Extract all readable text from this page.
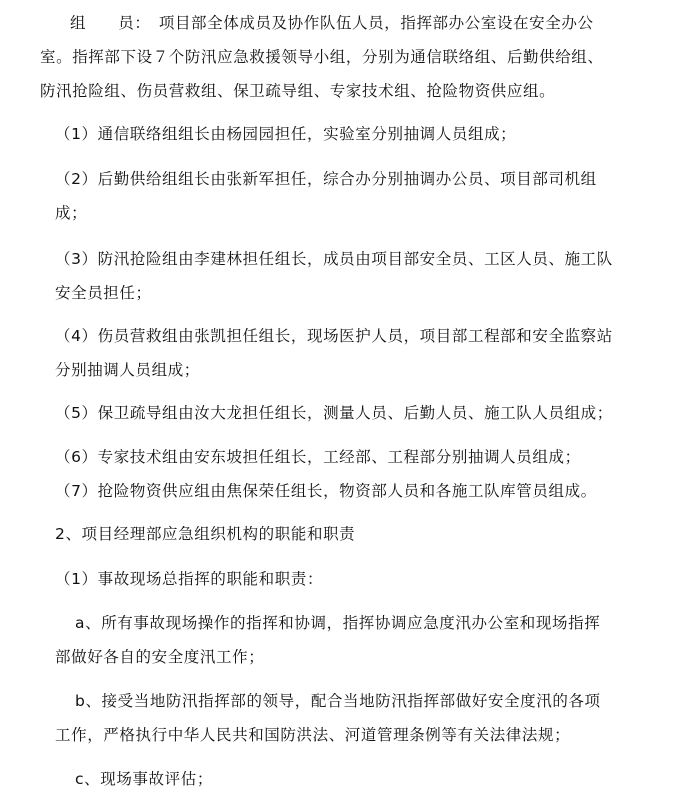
组　　员：　项目部全体成员及协作队伍人员，指挥部办公室设在安全办公
室。指挥部下设７个防汛应急救援领导小组，分别为通信联络组、后勤供给组、
防汛抢险组、伤员营救组、保卫疏导组、专家技术组、抢险物资供应组。
（1）通信联络组组长由杨园园担任，实验室分别抽调人员组成；
（2）后勤供给组组长由张新军担任，综合办分别抽调办公员、项目部司机组
成；
（3）防汛抢险组由李建林担任组长，成员由项目部安全员、工区人员、施工队
安全员担任；
（4）伤员营救组由张凯担任组长，现场医护人员，项目部工程部和安全监察站
分别抽调人员组成；
（5）保卫疏导组由汝大龙担任组长，测量人员、后勤人员、施工队人员组成；
（6）专家技术组由安东坡担任组长，工经部、工程部分别抽调人员组成；
（7）抢险物资供应组由焦保荣任组长，物资部人员和各施工队库管员组成。
2、项目经理部应急组织机构的职能和职责
（1）事故现场总指挥的职能和职责：
a、所有事故现场操作的指挥和协调，指挥协调应急度汛办公室和现场指挥
部做好各自的安全度汛工作；
b、接受当地防汛指挥部的领导，配合当地防汛指挥部做好安全度汛的各项
工作，严格执行中华人民共和国防洪法、河道管理条例等有关法律法规；
c、现场事故评估；
